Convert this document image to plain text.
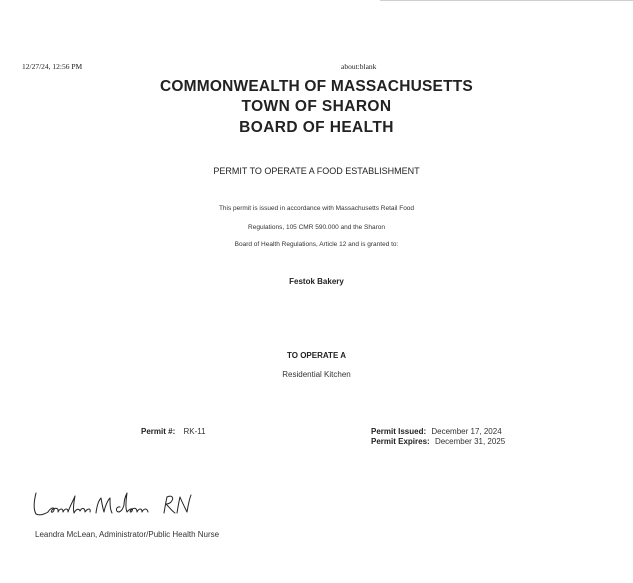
12/27/24, 12:56 PM	about:blank
COMMONWEALTH OF MASSACHUSETTS
TOWN OF SHARON
BOARD OF HEALTH
PERMIT TO OPERATE A FOOD ESTABLISHMENT
This permit is issued in accordance with Massachusetts Retail Food
Regulations, 105 CMR 590.000 and the Sharon
Board of Health Regulations, Article 12 and is granted to:
Festok Bakery
TO OPERATE A
Residential Kitchen
Permit #: RK-11	Permit Issued: December 17, 2024
Permit Expires: December 31, 2025
Leandra McLean, Administrator/Public Health Nurse
